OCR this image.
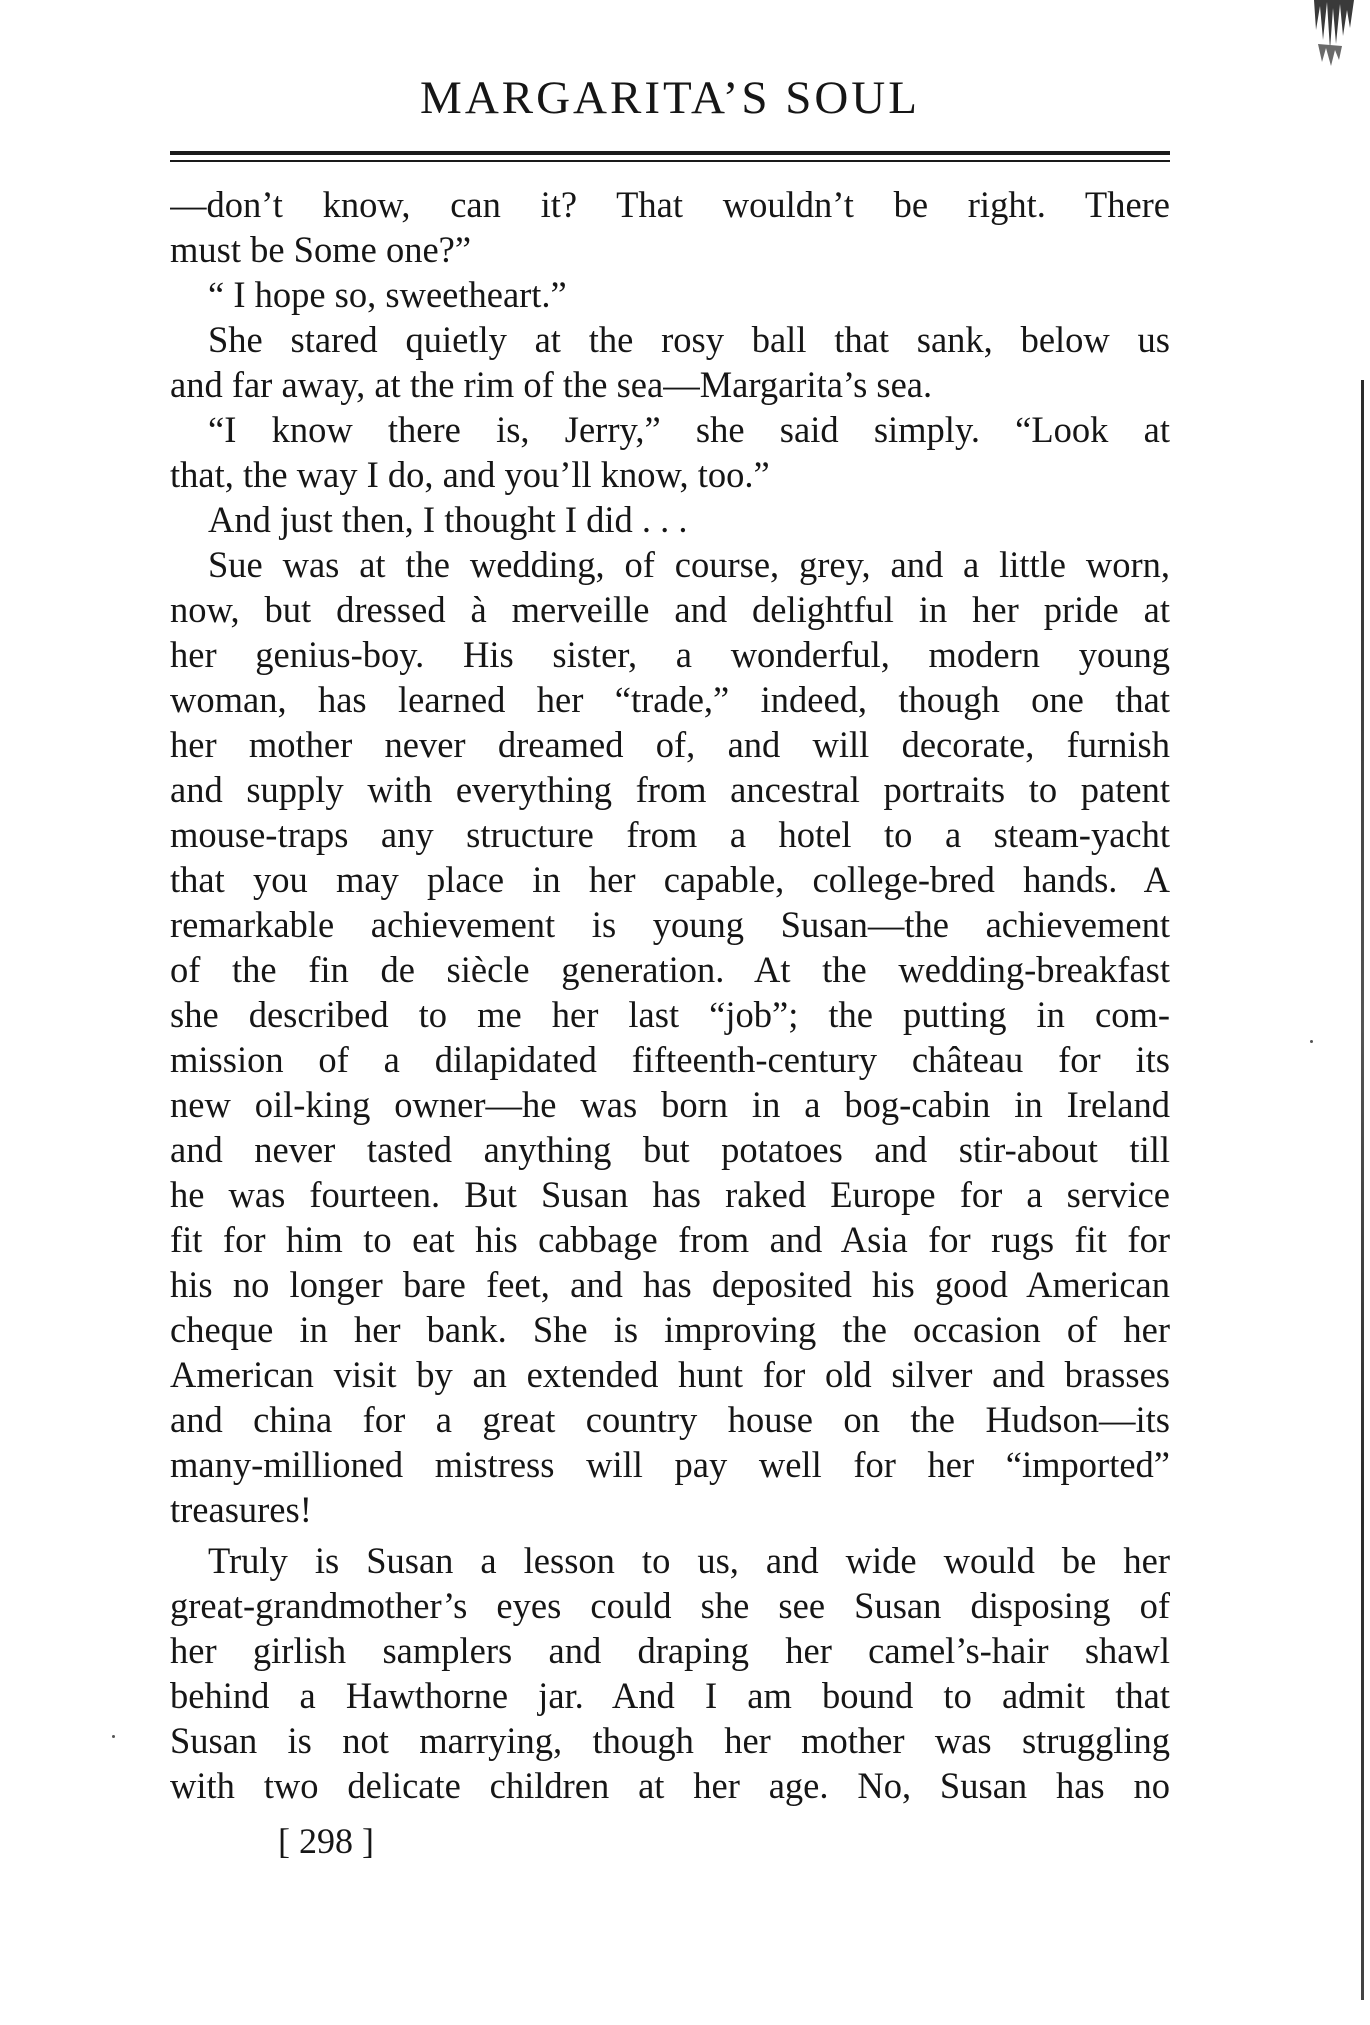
MARGARITA’S SOUL
—don’t know, can it? That wouldn’t be right. There
must be Some one?”
“ I hope so, sweetheart.”
She stared quietly at the rosy ball that sank, below us
and far away, at the rim of the sea—Margarita’s sea.
“I know there is, Jerry,” she said simply. “Look at
that, the way I do, and you’ll know, too.”
And just then, I thought I did . . .
Sue was at the wedding, of course, grey, and a little worn,
now, but dressed à merveille and delightful in her pride at
her genius-boy. His sister, a wonderful, modern young
woman, has learned her “trade,” indeed, though one that
her mother never dreamed of, and will decorate, furnish
and supply with everything from ancestral portraits to patent
mouse-traps any structure from a hotel to a steam-yacht
that you may place in her capable, college-bred hands. A
remarkable achievement is young Susan—the achievement
of the fin de siècle generation. At the wedding-breakfast
she described to me her last “job”; the putting in com-
mission of a dilapidated fifteenth-century château for its
new oil-king owner—he was born in a bog-cabin in Ireland
and never tasted anything but potatoes and stir-about till
he was fourteen. But Susan has raked Europe for a service
fit for him to eat his cabbage from and Asia for rugs fit for
his no longer bare feet, and has deposited his good American
cheque in her bank. She is improving the occasion of her
American visit by an extended hunt for old silver and brasses
and china for a great country house on the Hudson—its
many-millioned mistress will pay well for her “imported”
treasures!
Truly is Susan a lesson to us, and wide would be her
great-grandmother’s eyes could she see Susan disposing of
her girlish samplers and draping her camel’s-hair shawl
behind a Hawthorne jar. And I am bound to admit that
Susan is not marrying, though her mother was struggling
with two delicate children at her age. No, Susan has no
[ 298 ]
